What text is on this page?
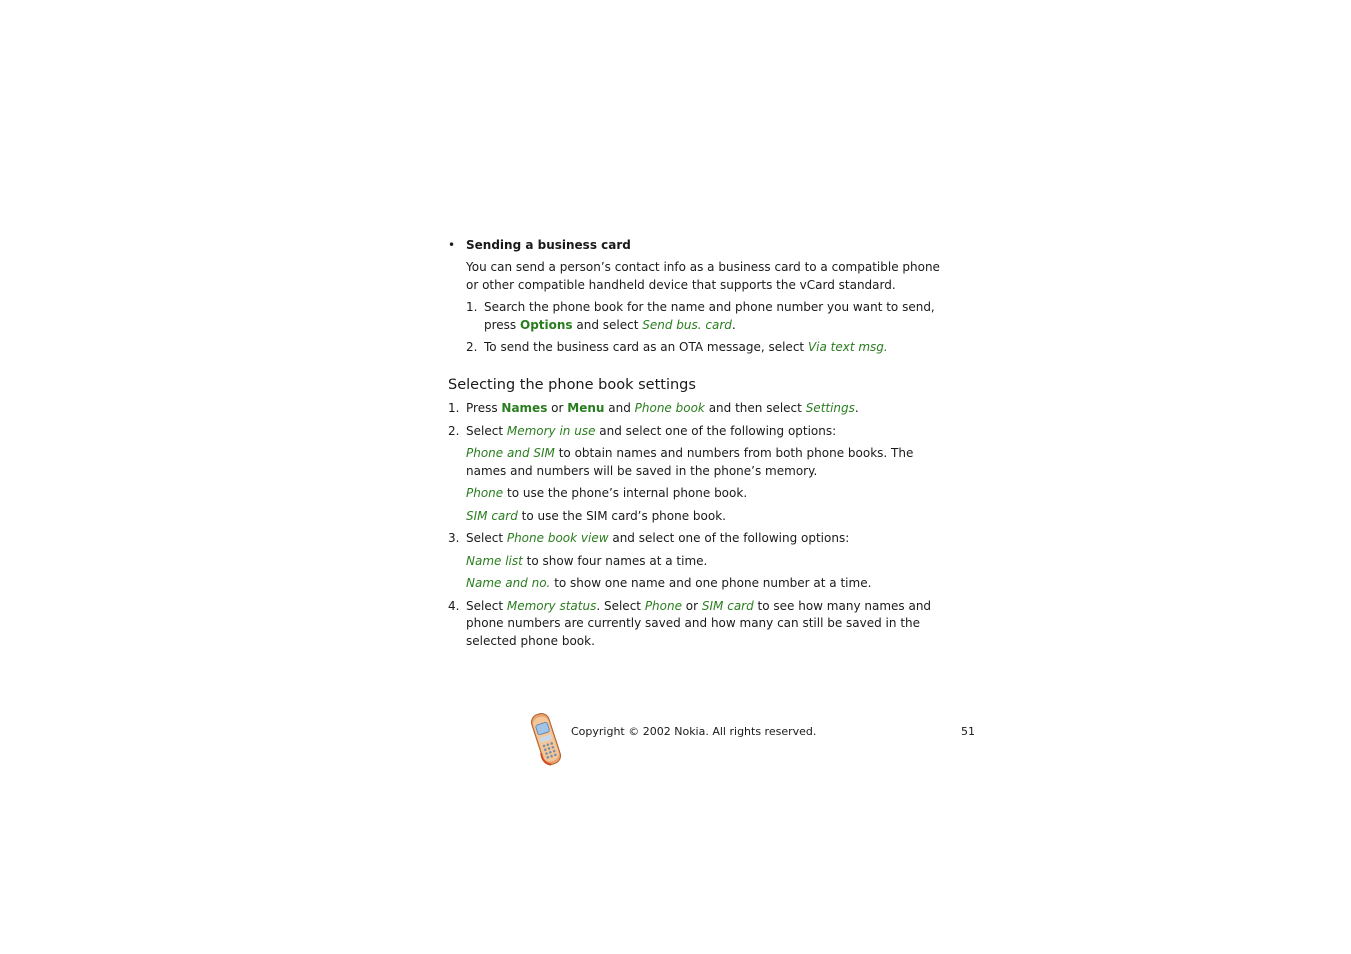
• Sending a business card
You can send a person’s contact info as a business card to a compatible phone
or other compatible handheld device that supports the vCard standard.
1. Search the phone book for the name and phone number you want to send,
press Options and select Send bus. card.
2. To send the business card as an OTA message, select Via text msg.
Selecting the phone book settings
1. Press Names or Menu and Phone book and then select Settings.
2. Select Memory in use and select one of the following options:
Phone and SIM to obtain names and numbers from both phone books. The
names and numbers will be saved in the phone’s memory.
Phone to use the phone’s internal phone book.
SIM card to use the SIM card’s phone book.
3. Select Phone book view and select one of the following options:
Name list to show four names at a time.
Name and no. to show one name and one phone number at a time.
4. Select Memory status. Select Phone or SIM card to see how many names and
phone numbers are currently saved and how many can still be saved in the
selected phone book.
Copyright © 2002 Nokia. All rights reserved.	51
